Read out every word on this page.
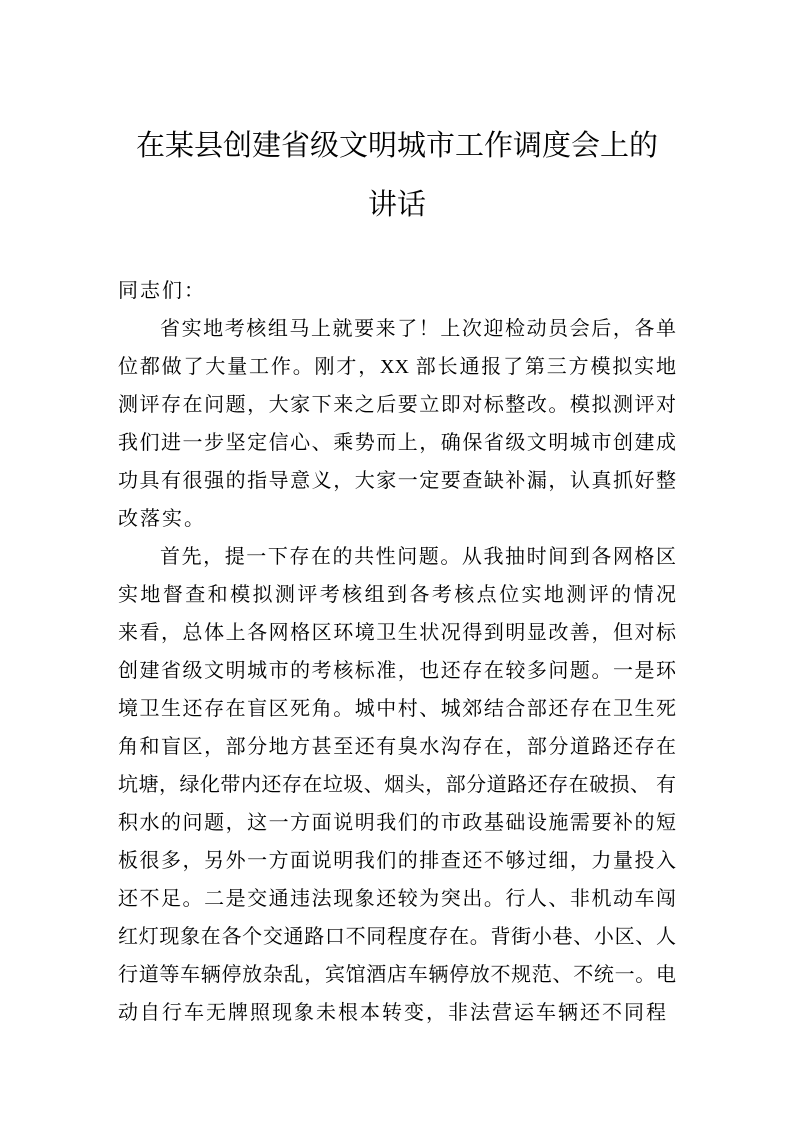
在某县创建省级文明城市工作调度会上的
讲话
同志们：
省实地考核组马上就要来了！上次迎检动员会后，各单
位都做了大量工作。刚才，XX 部长通报了第三方模拟实地
测评存在问题，大家下来之后要立即对标整改。模拟测评对
我们进一步坚定信心、乘势而上，确保省级文明城市创建成
功具有很强的指导意义，大家一定要查缺补漏，认真抓好整
改落实。
首先，提一下存在的共性问题。从我抽时间到各网格区
实地督查和模拟测评考核组到各考核点位实地测评的情况
来看，总体上各网格区环境卫生状况得到明显改善，但对标
创建省级文明城市的考核标准，也还存在较多问题。一是环
境卫生还存在盲区死角。城中村、城郊结合部还存在卫生死
角和盲区，部分地方甚至还有臭水沟存在，部分道路还存在
坑塘，绿化带内还存在垃圾、烟头，部分道路还存在破损、 有
积水的问题，这一方面说明我们的市政基础设施需要补的短
板很多，另外一方面说明我们的排查还不够过细，力量投入
还不足。二是交通违法现象还较为突出。行人、非机动车闯
红灯现象在各个交通路口不同程度存在。背街小巷、小区、人
行道等车辆停放杂乱，宾馆酒店车辆停放不规范、不统一。电
动自行车无牌照现象未根本转变，非法营运车辆还不同程
